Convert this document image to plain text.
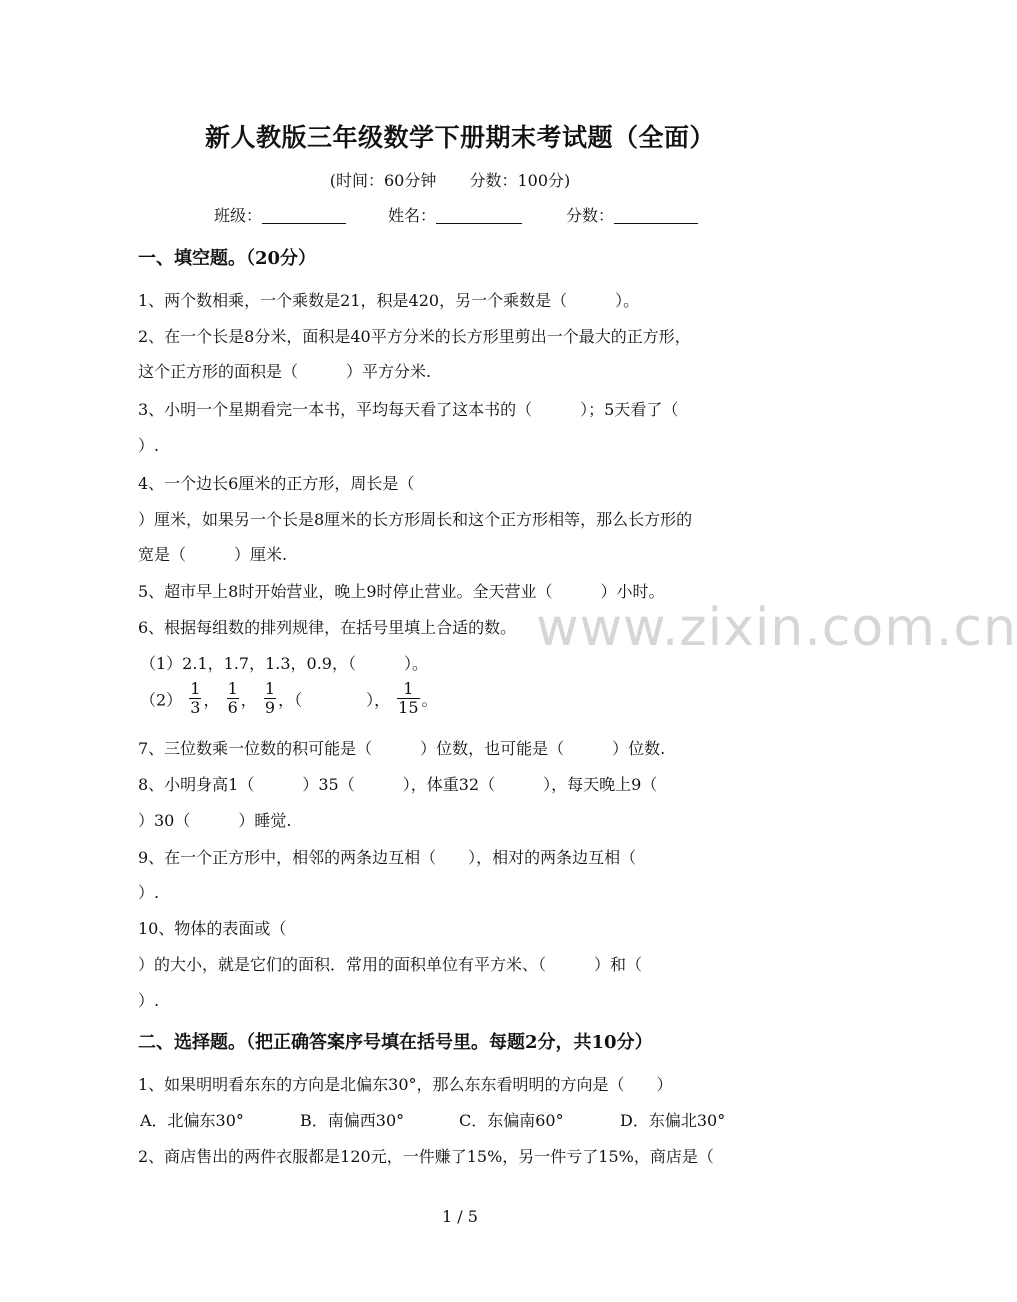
www.zixin.com.cn
新人教版三年级数学下册期末考试题（全面）
(时间：60分钟 分数：100分)
班级：	姓名：	分数：
一、填空题。（20分）
1、两个数相乘，一个乘数是21，积是420，另一个乘数是（　　　）。
2、在一个长是8分米，面积是40平方分米的长方形里剪出一个最大的正方形，
这个正方形的面积是（　　　）平方分米.
3、小明一个星期看完一本书，平均每天看了这本书的（　　　）；5天看了（
）.
4、一个边长6厘米的正方形，周长是（
）厘米，如果另一个长是8厘米的长方形周长和这个正方形相等，那么长方形的
宽是（　　　）厘米.
5、超市早上8时开始营业，晚上9时停止营业。全天营业（　　　）小时。
6、根据每组数的排列规律，在括号里填上合适的数。
（1）2.1，1.7，1.3，0.9，（　　　）。
$(2) \frac{1}{3}$ ， $\frac{1}{6}$ ， $\frac{1}{9}$ ，（　　　　）， $\frac{1}{15}$ 。
7、三位数乘一位数的积可能是（　　　）位数，也可能是（　　　）位数.
8、小明身高1（　　　）35（　　　），体重32（　　　），每天晚上9（
）30（　　　）睡觉.
9、在一个正方形中，相邻的两条边互相（　　），相对的两条边互相（
）.
10、物体的表面或（
）的大小，就是它们的面积．常用的面积单位有平方米、（　　　）和（
）.
二、选择题。（把正确答案序号填在括号里。每题2分，共10分）
1、如果明明看东东的方向是北偏东30°，那么东东看明明的方向是（　　）
A．北偏东30°	B．南偏西30°	C．东偏南60°	D．东偏北30°
2、商店售出的两件衣服都是120元，一件赚了15%，另一件亏了15%，商店是（
1 / 5
